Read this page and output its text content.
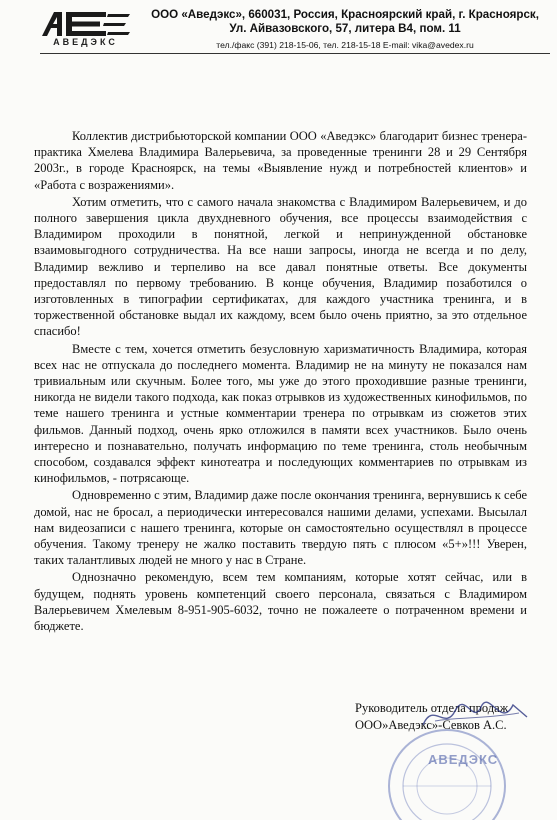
АВЕДЭКС
ООО «Аведэкс», 660031, Россия, Красноярский край, г. Красноярск,
Ул. Айвазовского, 57, литера В4, пом. 11
тел./факс (391) 218-15-06, тел. 218-15-18 E-mail: vika@avedex.ru

Коллектив дистрибьюторской компании ООО «Аведэкс» благодарит бизнес тренера-практика Хмелева Владимира Валерьевича, за проведенные тренинги 28 и 29 Сентября 2003г., в городе Красноярск, на темы «Выявление нужд и потребностей клиентов» и «Работа с возражениями».

Хотим отметить, что с самого начала знакомства с Владимиром Валерьевичем, и до полного завершения цикла двухдневного обучения, все процессы взаимодействия с Владимиром проходили в понятной, легкой и непринужденной обстановке взаимовыгодного сотрудничества. На все наши запросы, иногда не всегда и по делу, Владимир вежливо и терпеливо на все давал понятные ответы. Все документы предоставлял по первому требованию. В конце обучения, Владимир позаботился о изготовленных в типографии сертификатах, для каждого участника тренинга, и в торжественной обстановке выдал их каждому, всем было очень приятно, за это отдельное спасибо!

Вместе с тем, хочется отметить безусловную харизматичность Владимира, которая всех нас не отпускала до последнего момента. Владимир не на минуту не показался нам тривиальным или скучным. Более того, мы уже до этого проходившие разные тренинги, никогда не видели такого подхода, как показ отрывков из художественных кинофильмов, по теме нашего тренинга и устные комментарии тренера по отрывкам из сюжетов этих фильмов. Данный подход, очень ярко отложился в памяти всех участников. Было очень интересно и познавательно, получать информацию по теме тренинга, столь необычным способом, создавался эффект кинотеатра и последующих комментариев по отрывкам из кинофильмов, - потрясающе.

Одновременно с этим, Владимир даже после окончания тренинга, вернувшись к себе домой, нас не бросал, а периодически интересовался нашими делами, успехами. Высылал нам видеозаписи с нашего тренинга, которые он самостоятельно осуществлял в процессе обучения. Такому тренеру не жалко поставить твердую пять с плюсом «5+»!!! Уверен, таких талантливых людей не много у нас в Стране.

Однозначно рекомендую, всем тем компаниям, которые хотят сейчас, или в будущем, поднять уровень компетенций своего персонала, связаться с Владимиром Валерьевичем Хмелевым 8-951-905-6032, точно не пожалеете о потраченном времени и бюджете.

АВЕДЭКС
Руководитель отдела продаж
ООО»Аведэкс»-Севков А.С.
